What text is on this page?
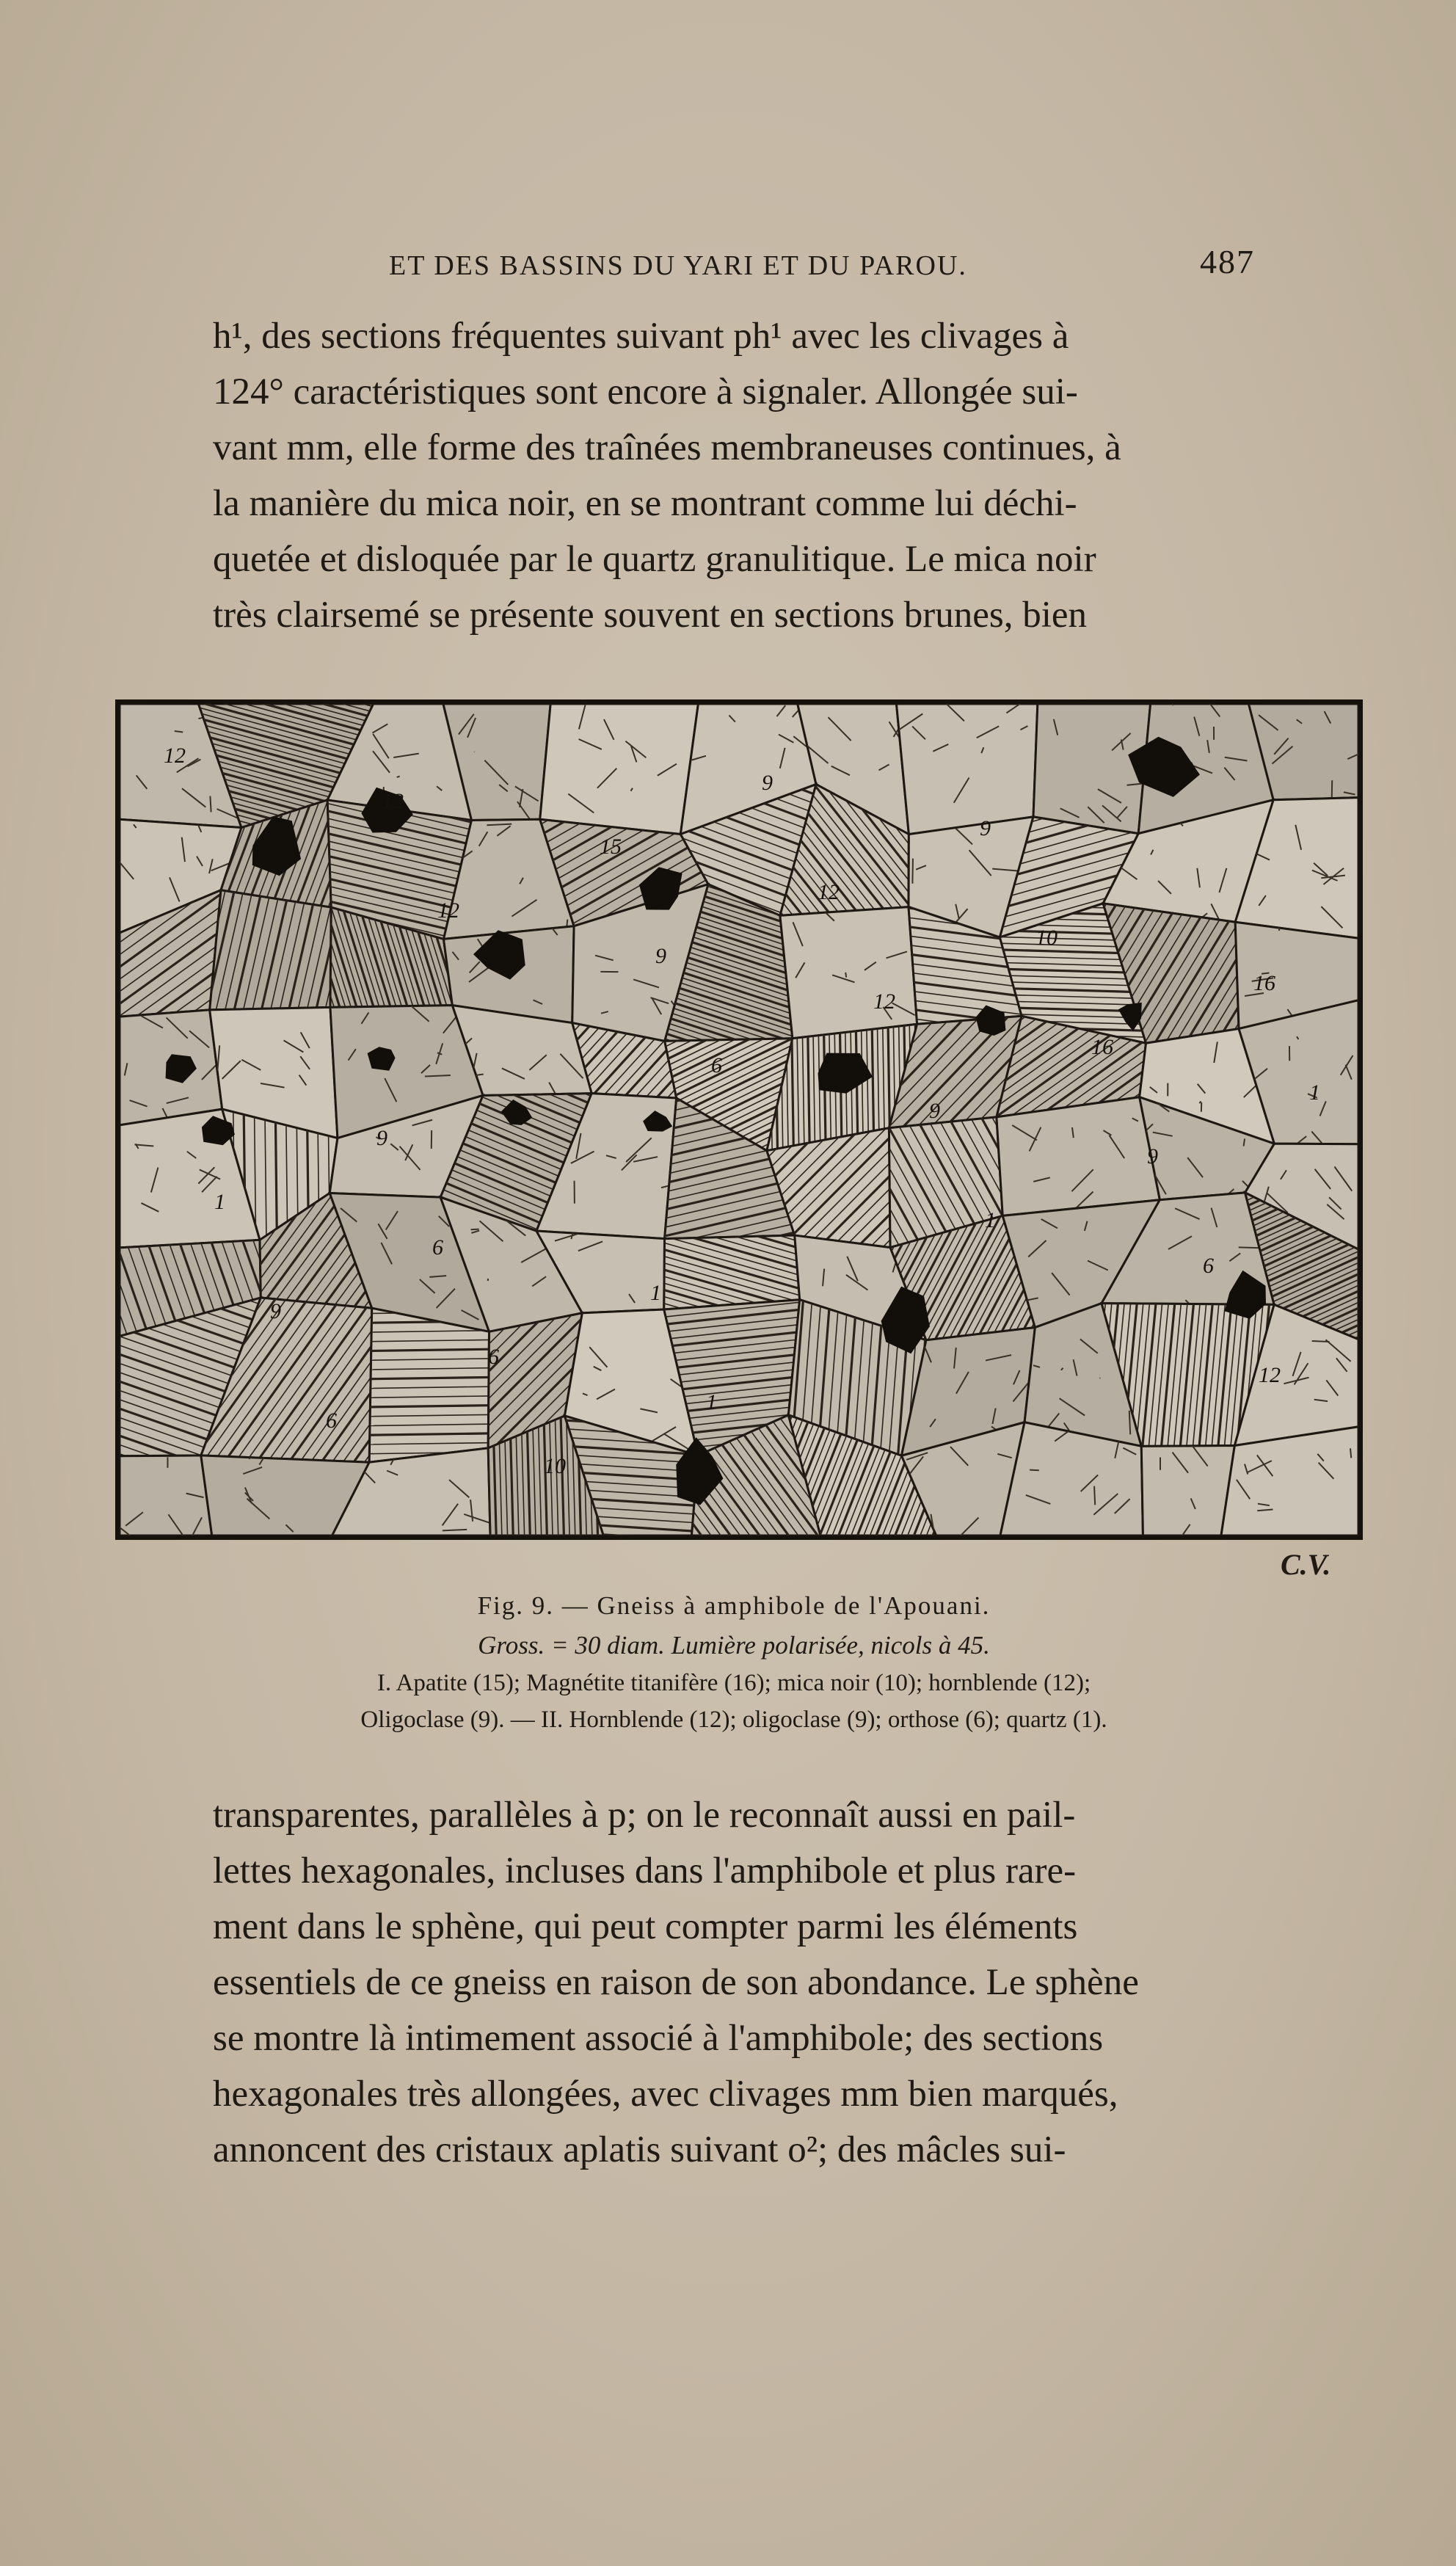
ET DES BASSINS DU YARI ET DU PAROU.	487

h¹, des sections fréquentes suivant ph¹ avec les clivages à

124° caractéristiques sont encore à signaler. Allongée sui-

vant mm, elle forme des traînées membraneuses continues, à

la manière du mica noir, en se montrant comme lui déchi-

quetée et disloquée par le quartz granulitique. Le mica noir

très clairsemé se présente souvent en sections brunes, bien

12
12
6
1
12
12
9
9
6
6
15
12
9
9
10
12
16
1
6
9
10
1
6
1
9
16
9
1
C.V.
Fig. 9. — Gneiss à amphibole de l'Apouani.
Gross. = 30 diam. Lumière polarisée, nicols à 45.
I. Apatite (15); Magnétite titanifère (16); mica noir (10); hornblende (12);
Oligoclase (9). — II. Hornblende (12); oligoclase (9); orthose (6); quartz (1).

transparentes, parallèles à p; on le reconnaît aussi en pail-

lettes hexagonales, incluses dans l'amphibole et plus rare-

ment dans le sphène, qui peut compter parmi les éléments

essentiels de ce gneiss en raison de son abondance. Le sphène

se montre là intimement associé à l'amphibole; des sections

hexagonales très allongées, avec clivages mm bien marqués,

annoncent des cristaux aplatis suivant o²; des mâcles sui-
